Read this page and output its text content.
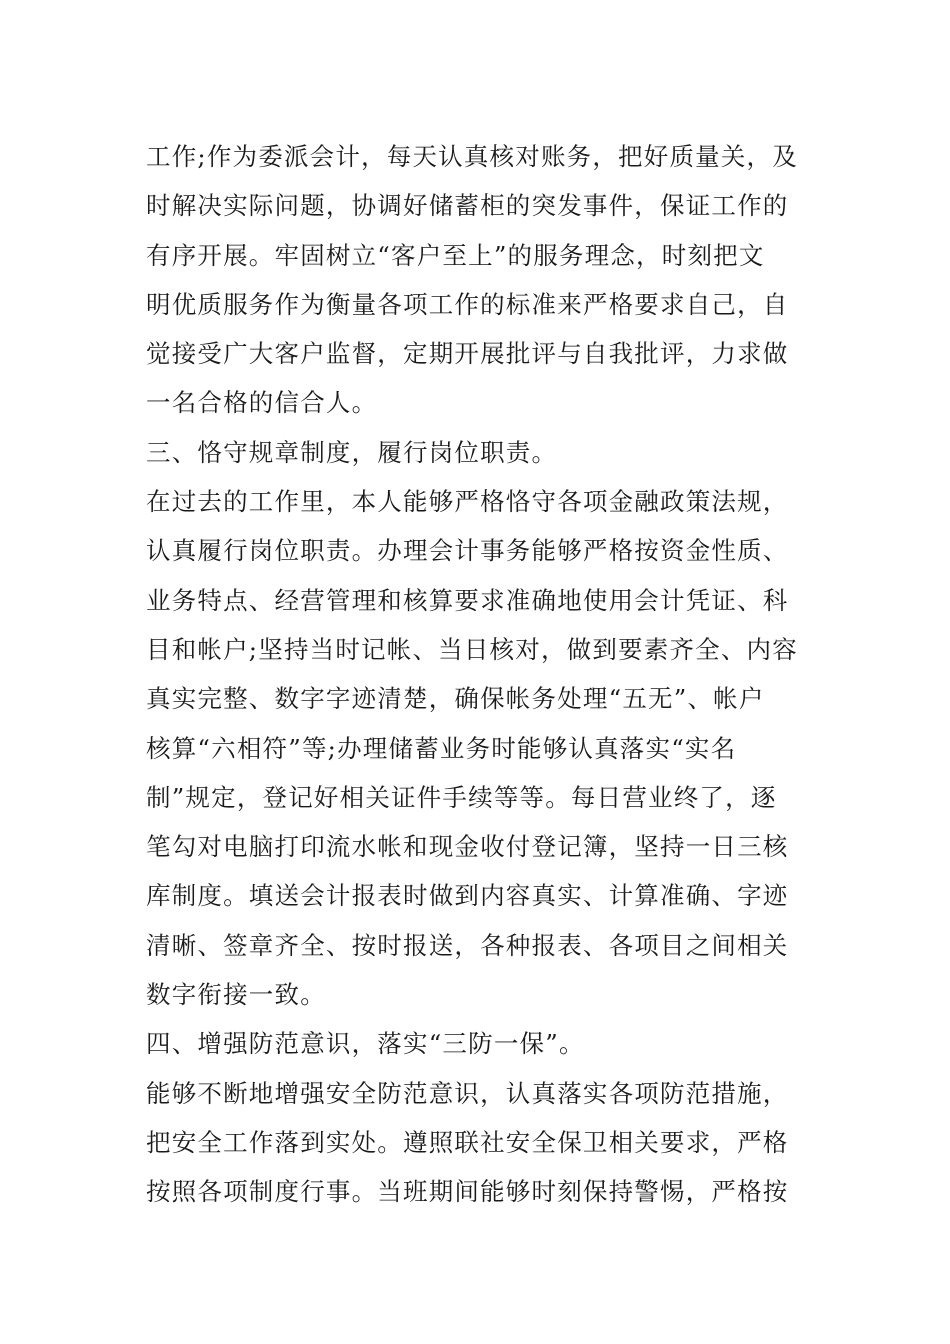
工作;作为委派会计，每天认真核对账务，把好质量关，及
时解决实际问题，协调好储蓄柜的突发事件，保证工作的
有序开展。牢固树立“客户至上”的服务理念，时刻把文
明优质服务作为衡量各项工作的标准来严格要求自己，自
觉接受广大客户监督，定期开展批评与自我批评，力求做
一名合格的信合人。
三、恪守规章制度，履行岗位职责。
在过去的工作里，本人能够严格恪守各项金融政策法规，
认真履行岗位职责。办理会计事务能够严格按资金性质、
业务特点、经营管理和核算要求准确地使用会计凭证、科
目和帐户;坚持当时记帐、当日核对，做到要素齐全、内容
真实完整、数字字迹清楚，确保帐务处理“五无”、帐户
核算“六相符”等;办理储蓄业务时能够认真落实“实名
制”规定，登记好相关证件手续等等。每日营业终了，逐
笔勾对电脑打印流水帐和现金收付登记簿，坚持一日三核
库制度。填送会计报表时做到内容真实、计算准确、字迹
清晰、签章齐全、按时报送，各种报表、各项目之间相关
数字衔接一致。
四、增强防范意识，落实“三防一保”。
能够不断地增强安全防范意识，认真落实各项防范措施，
把安全工作落到实处。遵照联社安全保卫相关要求，严格
按照各项制度行事。当班期间能够时刻保持警惕，严格按
